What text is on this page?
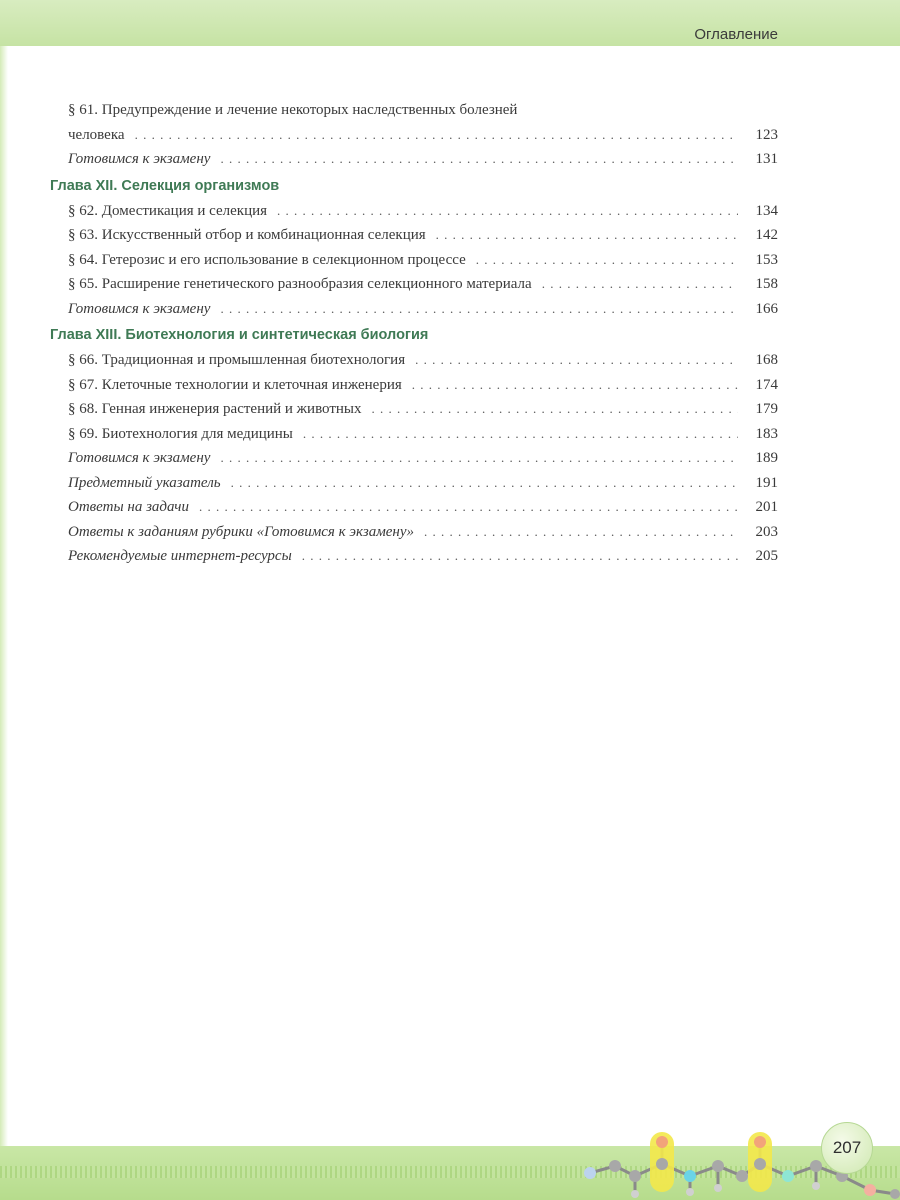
Оглавление
§ 61. Предупреждение и лечение некоторых наследственных болезней
человека . . .	123
Готовимся к экзамену . . .	131
Глава XII. Селекция организмов
§ 62. Доместикация и селекция . . .	134
§ 63. Искусственный отбор и комбинационная селекция . . .	142
§ 64. Гетерозис и его использование в селекционном процессе . . .	153
§ 65. Расширение генетического разнообразия селекционного материала . . .	158
Готовимся к экзамену . . .	166
Глава XIII. Биотехнология и синтетическая биология
§ 66. Традиционная и промышленная биотехнология . . .	168
§ 67. Клеточные технологии и клеточная инженерия . . .	174
§ 68. Генная инженерия растений и животных . . .	179
§ 69. Биотехнология для медицины . . .	183
Готовимся к экзамену . . .	189
Предметный указатель . . .	191
Ответы на задачи . . .	201
Ответы к заданиям рубрики «Готовимся к экзамену» . . .	203
Рекомендуемые интернет-ресурсы . . .	205
207
